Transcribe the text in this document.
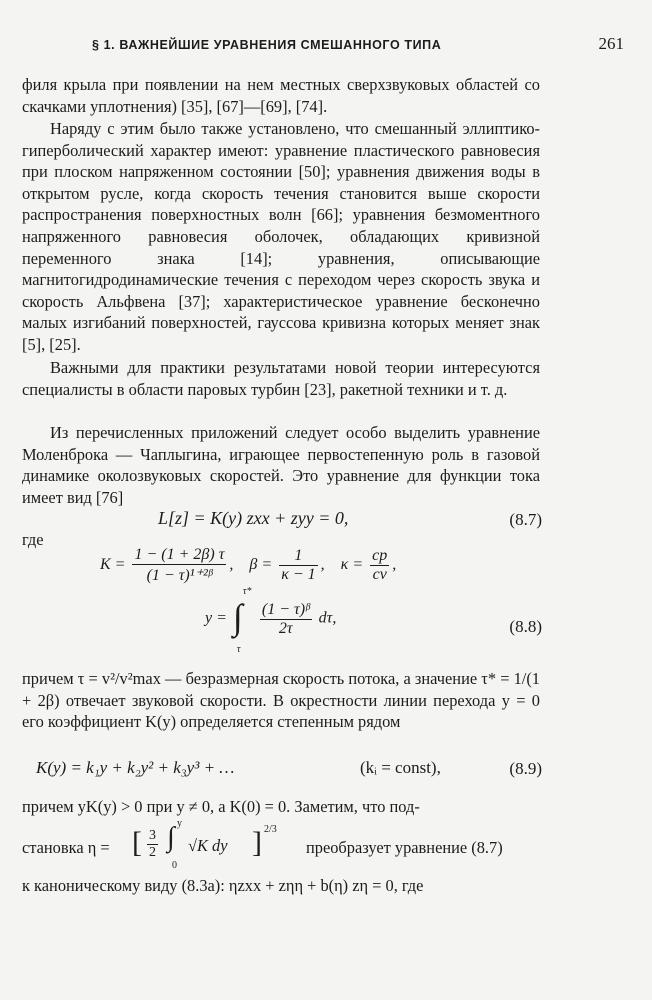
§ 1. ВАЖНЕЙШИЕ УРАВНЕНИЯ СМЕШАННОГО ТИПА	261
филя крыла при появлении на нем местных сверхзвуковых областей со скачками уплотнения) [35], [67]—[69], [74].
Наряду с этим было также установлено, что смешанный эллиптико-гиперболический характер имеют: уравнение пластического равновесия при плоском напряженном состоянии [50]; уравнения движения воды в открытом русле, когда скорость течения становится выше скорости распространения поверхностных волн [66]; уравнения безмоментного напряженного равновесия оболочек, обладающих кривизной переменного знака [14]; уравнения, описывающие магнитогидродинамические течения с переходом через скорость звука и скорость Альфвена [37]; характеристическое уравнение бесконечно малых изгибаний поверхностей, гауссова кривизна которых меняет знак [5], [25].
Важными для практики результатами новой теории интересуются специалисты в области паровых турбин [23], ракетной техники и т. д.
Из перечисленных приложений следует особо выделить уравнение Моленброка — Чаплыгина, играющее первостепенную роль в газовой динамике околозвуковых скоростей. Это уравнение для функции тока имеет вид [76]
L[z] = K(y) zxx + zyy = 0,	(8.7)
где
$K = \frac{1 - (1 + 2\beta) \tau}{\text{(1 − τ)¹⁺²ᵝ}}$ ,    $\beta = \frac{1}{\kappa - 1}$ ,    $\kappa = \frac{cp}{cv}$ ,
y = ∫
τ*
τ

$\frac{\text{(1 − τ)ᵝ}}{2\tau} d\tau$,	(8.8)
причем τ = v²/v²max — безразмерная скорость потока, а значение τ* = 1/(1 + 2β) отвечает звуковой скорости. В окрестности линии перехода y = 0 его коэффициент K(y) определяется степенным рядом
K(y) = k₁y + k₂y² + k₃y³ + …	(kᵢ = const),	(8.9)
причем yK(y) > 0 при y ≠ 0, а K(0) = 0. Заметим, что под-
становка η = [ $\frac{3}{2}$ ∫ y
0
√K dy ] 2/3
преобразует уравнение (8.7)
к каноническому виду (8.3а): ηzxx + zηη + b(η) zη = 0, где
